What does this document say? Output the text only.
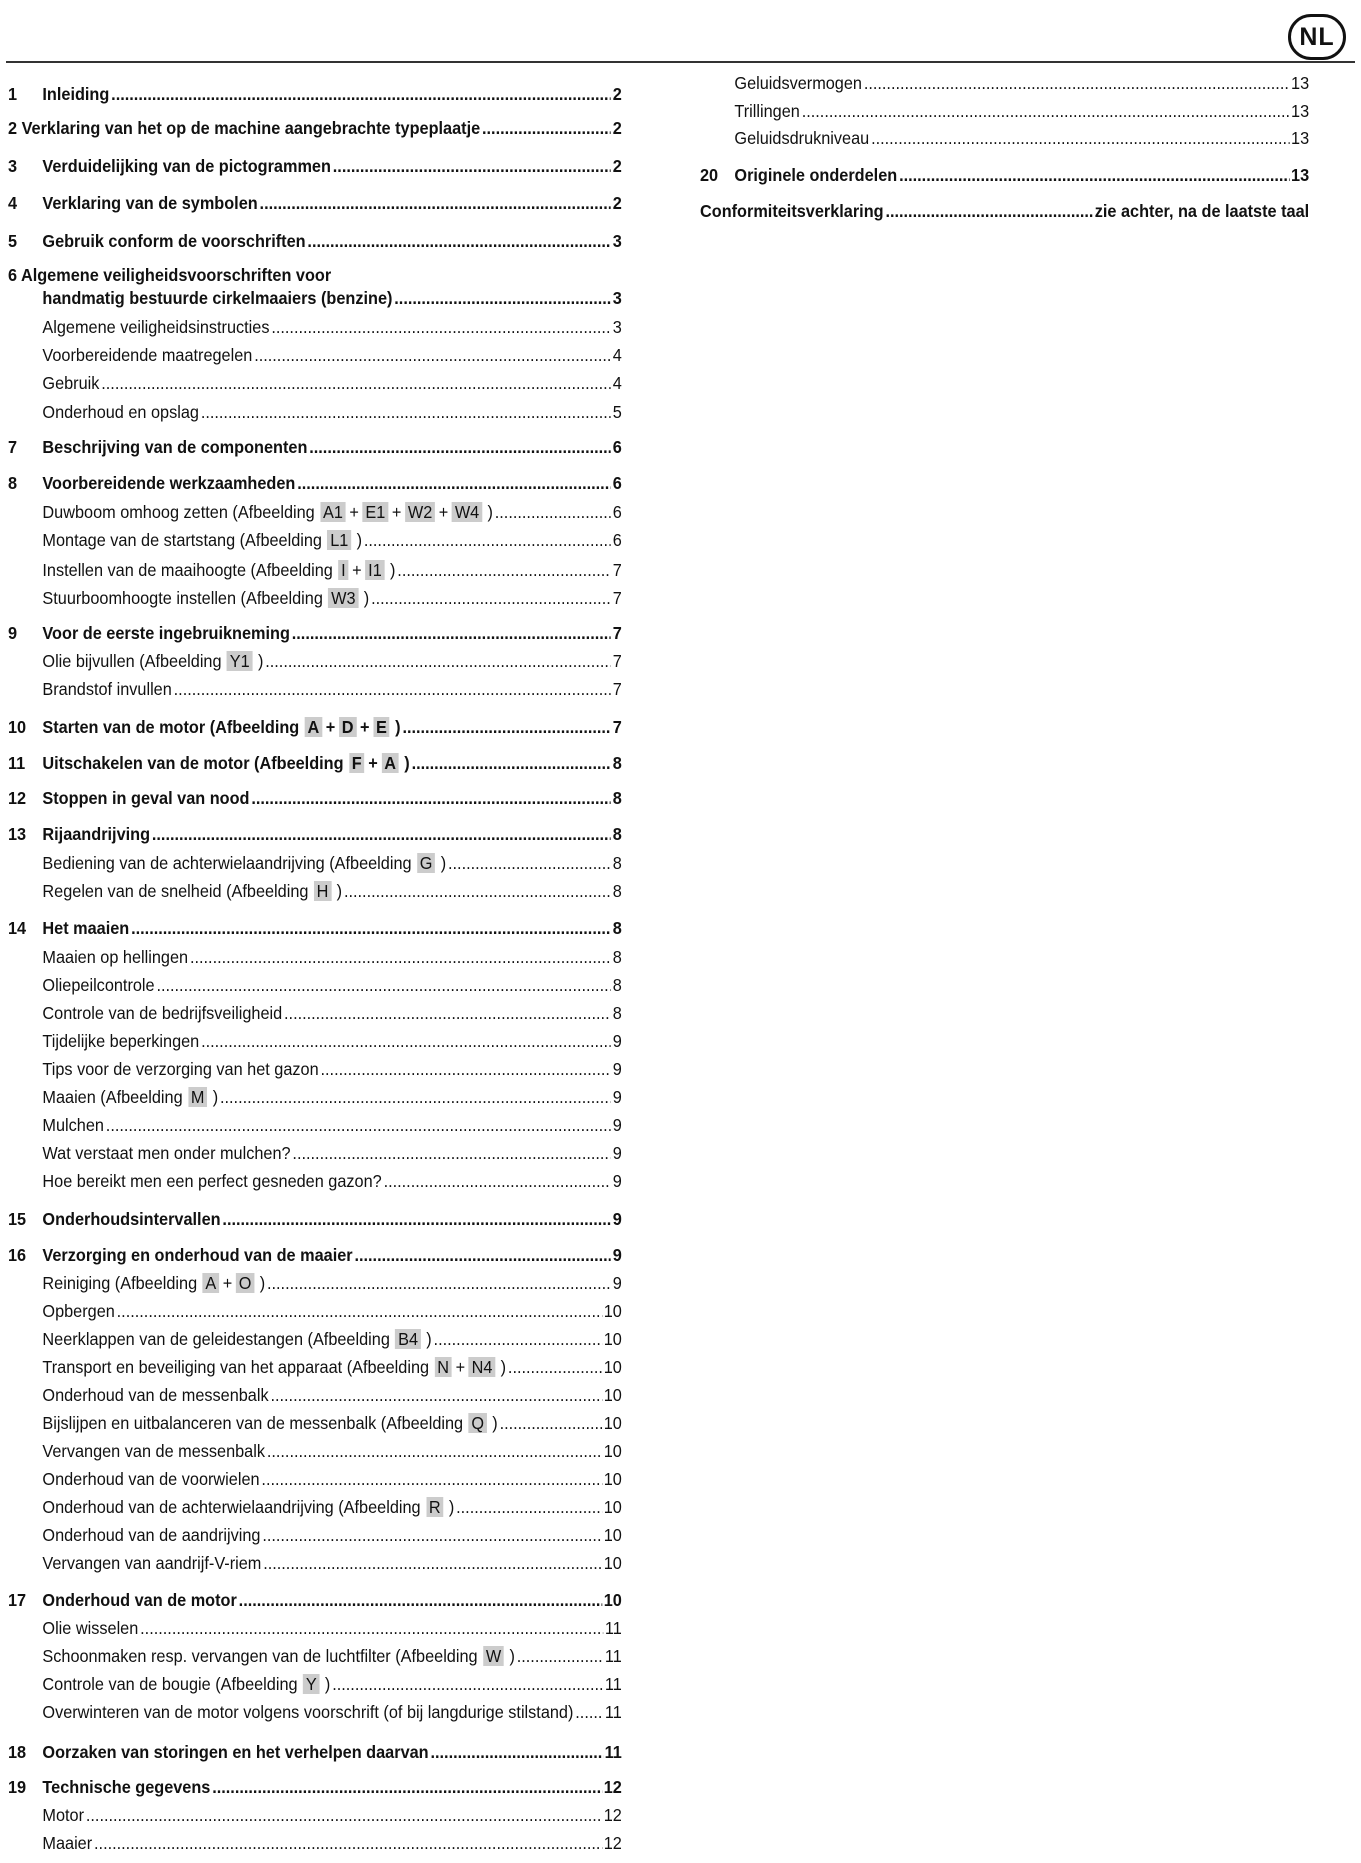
NL
1	Inleiding .....	2
2 Verklaring van het op de machine aangebrachte typeplaatje .....	2
3	Verduidelijking van de pictogrammen .....	2
4	Verklaring van de symbolen .....	2
5	Gebruik conform de voorschriften .....	3
6 Algemene veiligheidsvoorschriften voor
handmatig bestuurde cirkelmaaiers (benzine) .....	3
Algemene veiligheidsinstructies .....	3
Voorbereidende maatregelen .....	4
Gebruik .....	4
Onderhoud en opslag .....	5
7	Beschrijving van de componenten .....	6
8	Voorbereidende werkzaamheden .....	6
Duwboom omhoog zetten (Afbeelding A1 + E1 + W2 + W4 ) .....	6
Montage van de startstang (Afbeelding L1 ) .....	6
Instellen van de maaihoogte (Afbeelding I + I1 ) .....	7
Stuurboomhoogte instellen (Afbeelding W3 ) .....	7
9	Voor de eerste ingebruikneming .....	7
Olie bijvullen (Afbeelding Y1 ) .....	7
Brandstof invullen .....	7
10 Starten van de motor (Afbeelding A + D + E ) .....	7
11 Uitschakelen van de motor (Afbeelding F + A ) .....	8
12 Stoppen in geval van nood .....	8
13 Rijaandrijving .....	8
Bediening van de achterwielaandrijving (Afbeelding G ) .....	8
Regelen van de snelheid (Afbeelding H ) .....	8
14 Het maaien .....	8
Maaien op hellingen .....	8
Oliepeilcontrole .....	8
Controle van de bedrijfsveiligheid .....	8
Tijdelijke beperkingen .....	9
Tips voor de verzorging van het gazon .....	9
Maaien (Afbeelding M ) .....	9
Mulchen .....	9
Wat verstaat men onder mulchen? .....	9
Hoe bereikt men een perfect gesneden gazon? .....	9
15 Onderhoudsintervallen .....	9
16 Verzorging en onderhoud van de maaier .....	9
Reiniging (Afbeelding A + O ) .....	9
Opbergen .....	10
Neerklappen van de geleidestangen (Afbeelding B4 ) .....	10
Transport en beveiliging van het apparaat (Afbeelding N + N4 ) .....	10
Onderhoud van de messenbalk .....	10
Bijslijpen en uitbalanceren van de messenbalk (Afbeelding Q ) .....	10
Vervangen van de messenbalk .....	10
Onderhoud van de voorwielen .....	10
Onderhoud van de achterwielaandrijving (Afbeelding R ) .....	10
Onderhoud van de aandrijving .....	10
Vervangen van aandrijf-V-riem .....	10
17 Onderhoud van de motor .....	10
Olie wisselen .....	11
Schoonmaken resp. vervangen van de luchtfilter (Afbeelding W ) .....	11
Controle van de bougie (Afbeelding Y ) .....	11
Overwinteren van de motor volgens voorschrift (of bij langdurige stilstand) ..... 11
18 Oorzaken van storingen en het verhelpen daarvan .....	11
19 Technische gegevens .....	12
Motor .....	12
Maaier .....	12
Geluidsvermogen .....	13
Trillingen .....	13
Geluidsdrukniveau .....	13
20 Originele onderdelen .....	13
Conformiteitsverklaring .....	zie achter, na de laatste taal
